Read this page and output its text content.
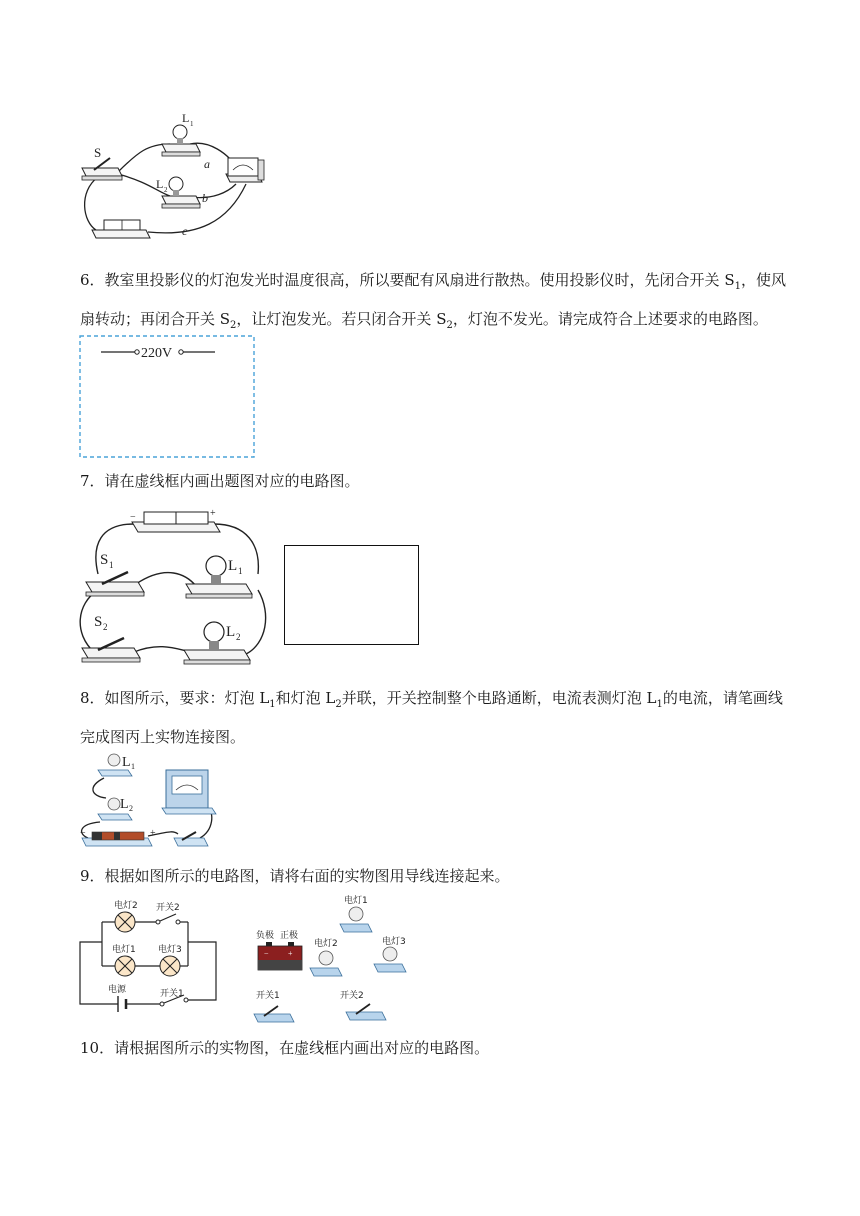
S
L 1
L 2
a
b
c
6．教室里投影仪的灯泡发光时温度很高，所以要配有风扇进行散热。使用投影仪时，先闭合开关 $S_1$，使风扇转动；再闭合开关 $S_2$，让灯泡发光。若只闭合开关 $S_2$，灯泡不发光。请完成符合上述要求的电路图。
220V
7．请在虚线框内画出题图对应的电路图。
−	+
S 1	L 1
S 2	L 2
8．如图所示，要求：灯泡 $L_1$和灯泡 $L_2$并联，开关控制整个电路通断，电流表测灯泡 $L_1$的电流，请笔画线完成图丙上实物连接图。
L 1
L 2
−	+
9．根据如图所示的电路图，请将右面的实物图用导线连接起来。
电灯2 开关2
电灯1 电灯3
电源	开关1
− +
负极 正极
电灯1
电灯2	电灯3
开关1	开关2
10．请根据图所示的实物图，在虚线框内画出对应的电路图。
